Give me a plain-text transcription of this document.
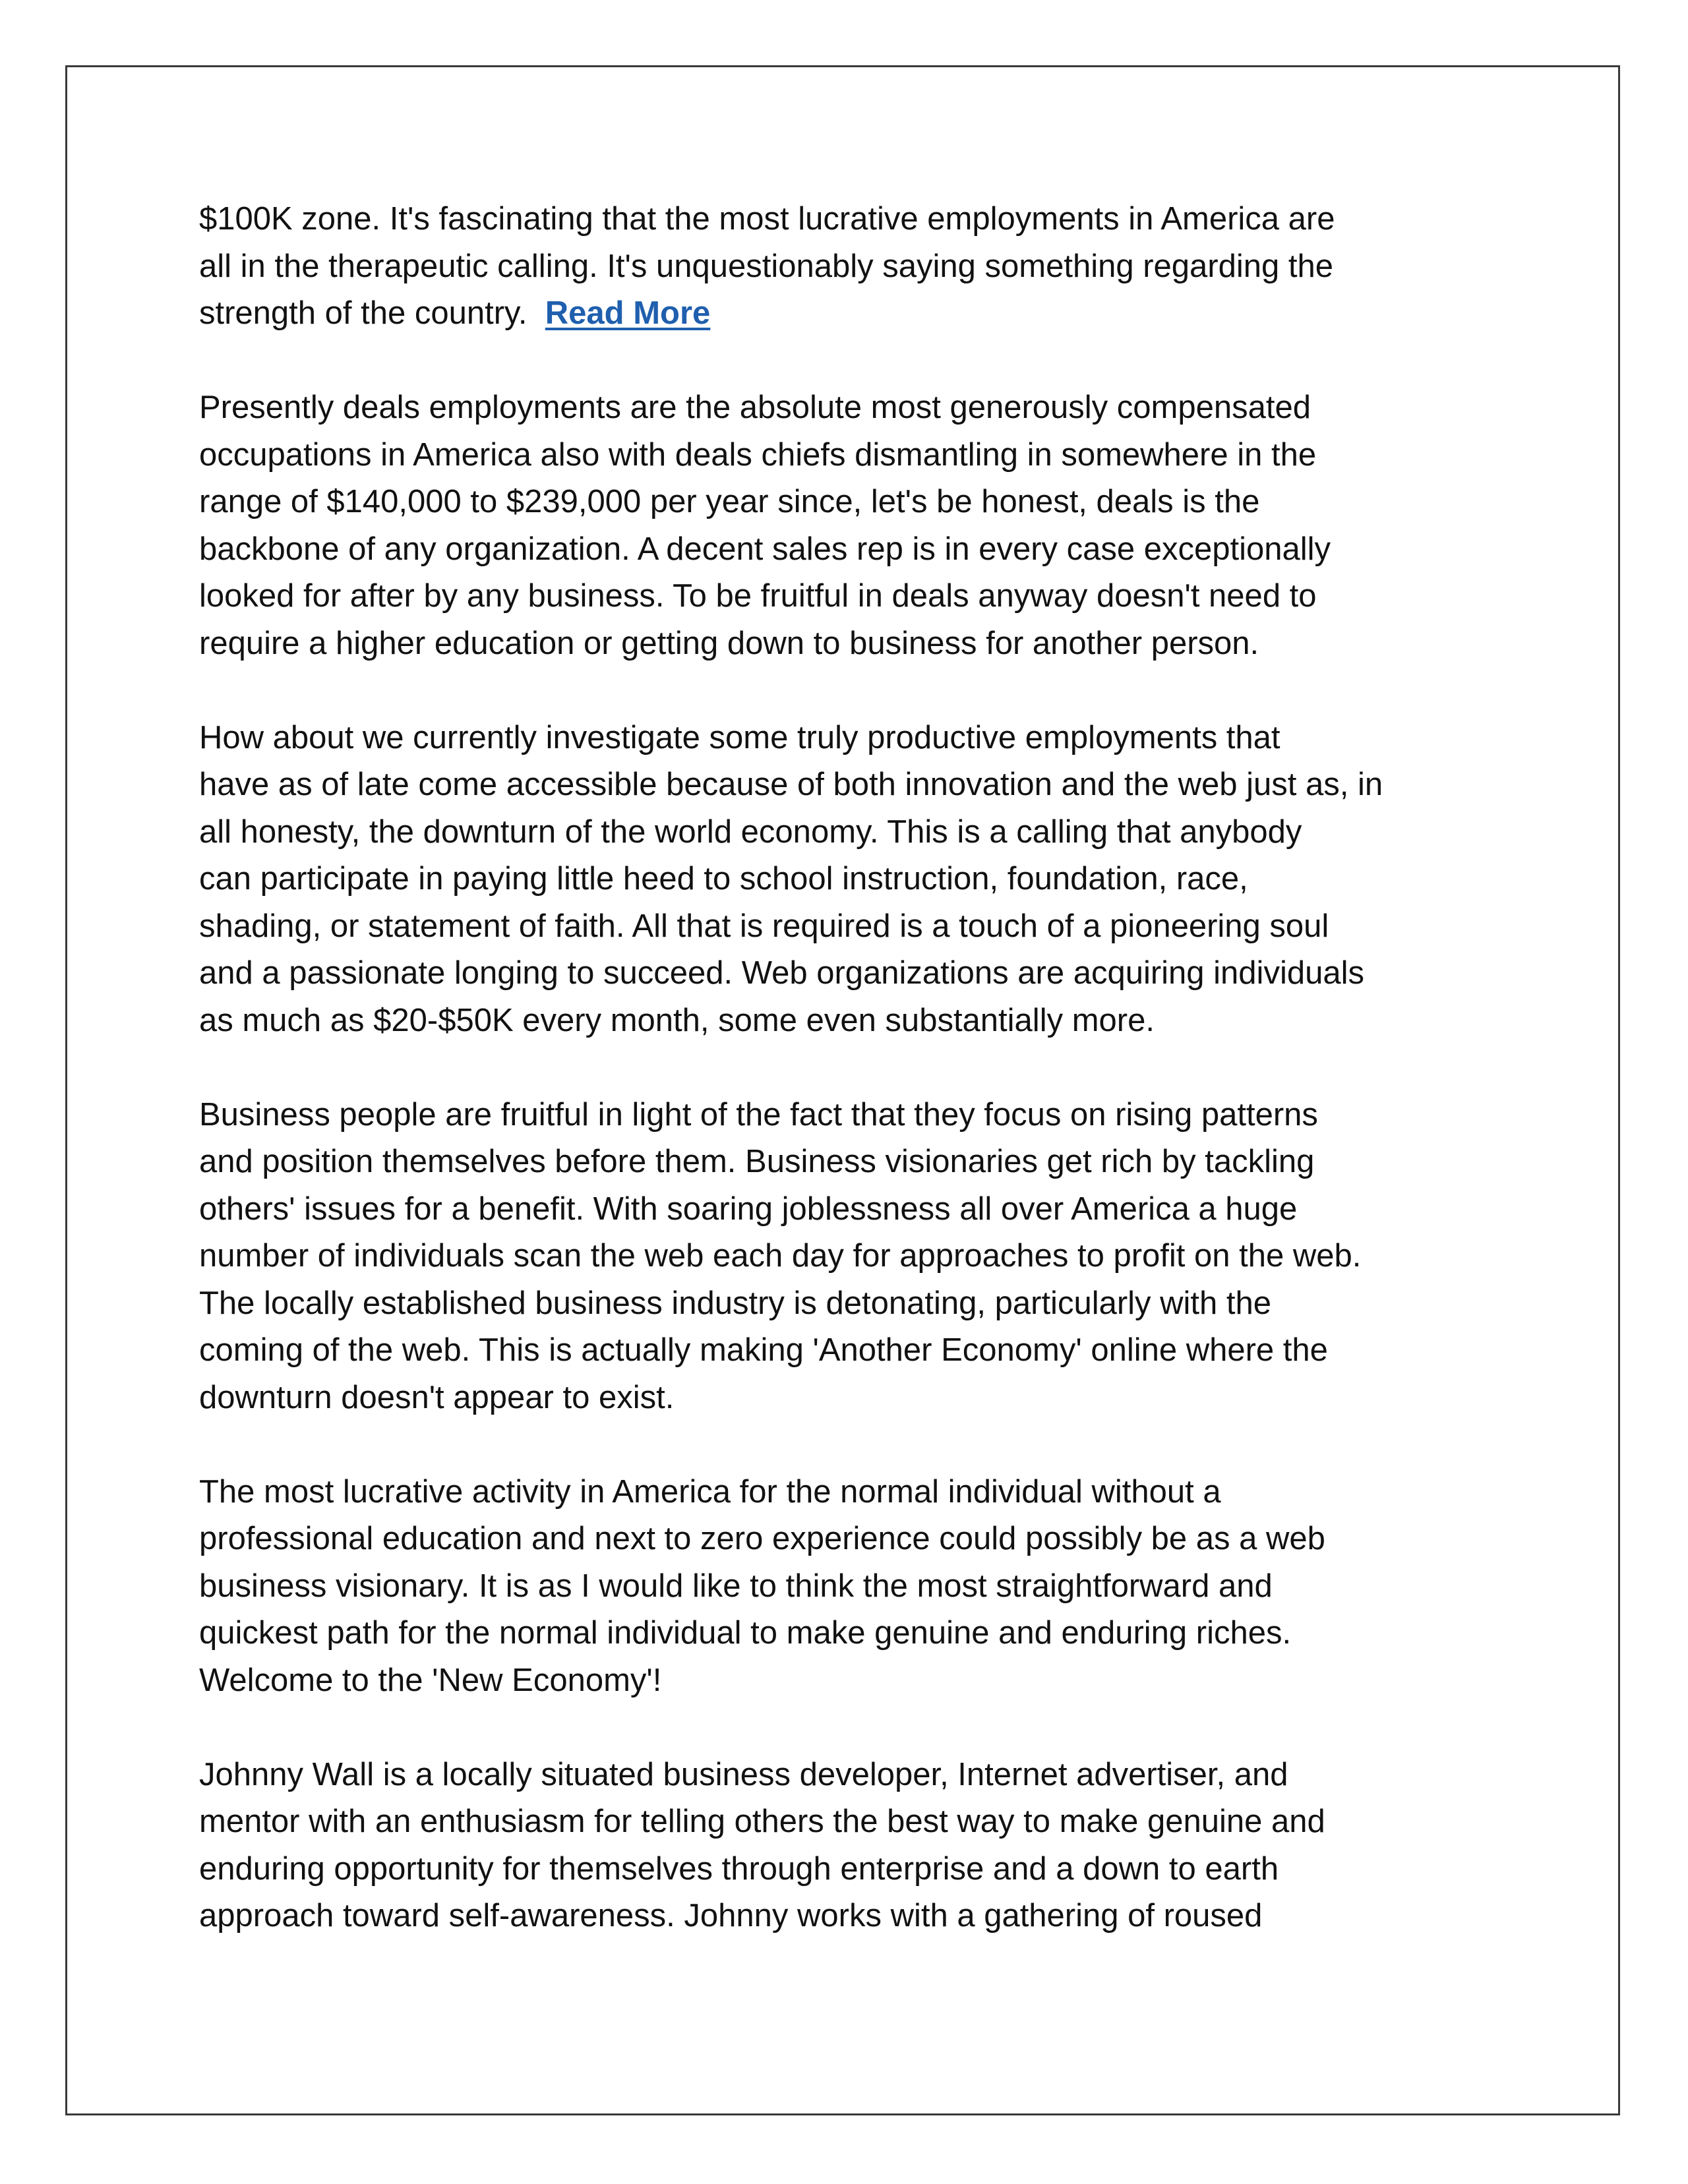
$100K zone. It's fascinating that the most lucrative employments in America are
all in the therapeutic calling. It's unquestionably saying something regarding the
strength of the country. Read More

Presently deals employments are the absolute most generously compensated
occupations in America also with deals chiefs dismantling in somewhere in the
range of $140,000 to $239,000 per year since, let's be honest, deals is the
backbone of any organization. A decent sales rep is in every case exceptionally
looked for after by any business. To be fruitful in deals anyway doesn't need to
require a higher education or getting down to business for another person.

How about we currently investigate some truly productive employments that
have as of late come accessible because of both innovation and the web just as, in
all honesty, the downturn of the world economy. This is a calling that anybody
can participate in paying little heed to school instruction, foundation, race,
shading, or statement of faith. All that is required is a touch of a pioneering soul
and a passionate longing to succeed. Web organizations are acquiring individuals
as much as $20-$50K every month, some even substantially more.

Business people are fruitful in light of the fact that they focus on rising patterns
and position themselves before them. Business visionaries get rich by tackling
others' issues for a benefit. With soaring joblessness all over America a huge
number of individuals scan the web each day for approaches to profit on the web.
The locally established business industry is detonating, particularly with the
coming of the web. This is actually making 'Another Economy' online where the
downturn doesn't appear to exist.

The most lucrative activity in America for the normal individual without a
professional education and next to zero experience could possibly be as a web
business visionary. It is as I would like to think the most straightforward and
quickest path for the normal individual to make genuine and enduring riches.
Welcome to the 'New Economy'!

Johnny Wall is a locally situated business developer, Internet advertiser, and
mentor with an enthusiasm for telling others the best way to make genuine and
enduring opportunity for themselves through enterprise and a down to earth
approach toward self-awareness. Johnny works with a gathering of roused
